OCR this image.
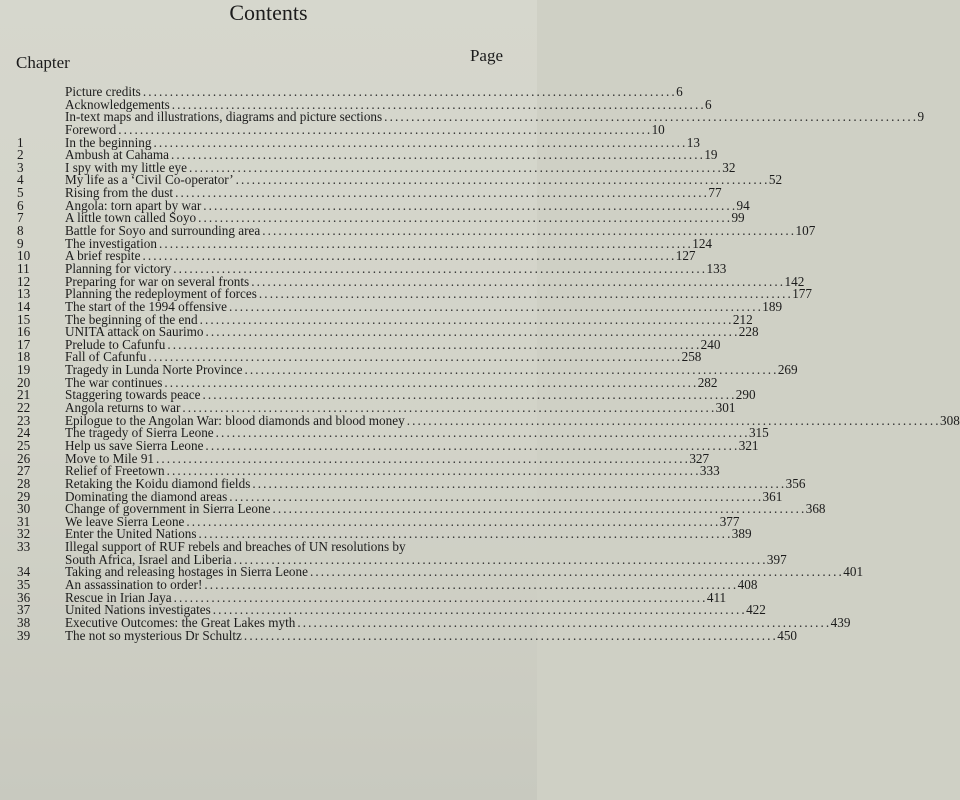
Contents
Chapter	Page
Picture credits . . .	6
Acknowledgements . . .	6
In-text maps and illustrations, diagrams and picture sections . . .	9
Foreword . . .	10
1	In the beginning . . .	13
2	Ambush at Cahama . . .	19
3	I spy with my little eye . . .	32
4	My life as a ‘Civil Co-operator’ . . .	52
5	Rising from the dust . . .	77
6	Angola: torn apart by war . . .	94
7	A little town called Soyo . . .	99
8	Battle for Soyo and surrounding area . . .	107
9	The investigation . . .	124
10	A brief respite . . .	127
11	Planning for victory . . .	133
12	Preparing for war on several fronts . . .	142
13	Planning the redeployment of forces . . .	177
14	The start of the 1994 offensive . . .	189
15	The beginning of the end . . .	212
16	UNITA attack on Saurimo . . .	228
17	Prelude to Cafunfu . . .	240
18	Fall of Cafunfu . . .	258
19	Tragedy in Lunda Norte Province . . .	269
20	The war continues . . .	282
21	Staggering towards peace . . .	290
22	Angola returns to war . . .	301
23	Epilogue to the Angolan War: blood diamonds and blood money . . .	308
24	The tragedy of Sierra Leone . . .	315
25	Help us save Sierra Leone . . .	321
26	Move to Mile 91 . . .	327
27	Relief of Freetown . . .	333
28	Retaking the Koidu diamond fields . . .	356
29	Dominating the diamond areas . . .	361
30	Change of government in Sierra Leone . . .	368
31	We leave Sierra Leone . . .	377
32	Enter the United Nations . . .	389
33	Illegal support of RUF rebels and breaches of UN resolutions by
South Africa, Israel and Liberia . . .	397
34	Taking and releasing hostages in Sierra Leone . . .	401
35	An assassination to order! . . .	408
36	Rescue in Irian Jaya . . .	411
37	United Nations investigates . . .	422
38	Executive Outcomes: the Great Lakes myth . . .	439
39	The not so mysterious Dr Schultz . . .	450
